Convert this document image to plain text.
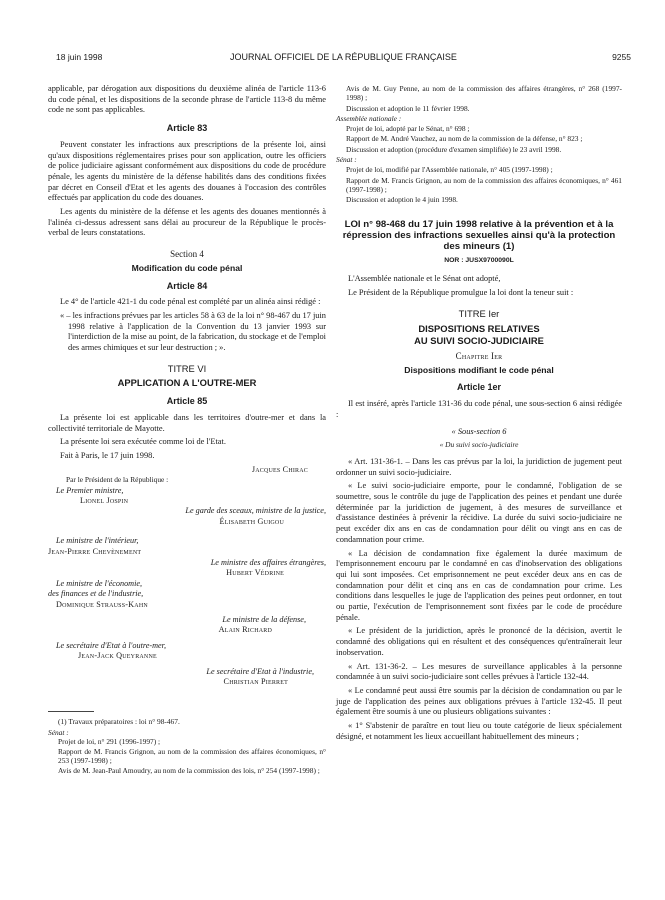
18 juin 1998	JOURNAL OFFICIEL DE LA RÉPUBLIQUE FRANÇAISE	9255

applicable, par dérogation aux dispositions du deuxième alinéa de l'article 113-6 du code pénal, et les dispositions de la seconde phrase de l'article 113-8 du même code ne sont pas applicables.

Article 83

Peuvent constater les infractions aux prescriptions de la présente loi, ainsi qu'aux dispositions réglementaires prises pour son application, outre les officiers de police judiciaire agissant conformément aux dispositions du code de procédure pénale, les agents du ministère de la défense habilités dans des conditions fixées par décret en Conseil d'Etat et les agents des douanes à l'occasion des contrôles effectués par application du code des douanes.

Les agents du ministère de la défense et les agents des douanes mentionnés à l'alinéa ci-dessus adressent sans délai au procureur de la République le procès-verbal de leurs constatations.

Section 4
Modification du code pénal
Article 84

Le 4° de l'article 421-1 du code pénal est complété par un alinéa ainsi rédigé :

« – les infractions prévues par les articles 58 à 63 de la loi n° 98-467 du 17 juin 1998 relative à l'application de la Convention du 13 janvier 1993 sur l'interdiction de la mise au point, de la fabrication, du stockage et de l'emploi des armes chimiques et sur leur destruction ; ».

TITRE VI
APPLICATION A L'OUTRE-MER
Article 85

La présente loi est applicable dans les territoires d'outre-mer et dans la collectivité territoriale de Mayotte.

La présente loi sera exécutée comme loi de l'Etat.

Fait à Paris, le 17 juin 1998.

Jacques Chirac

Par le Président de la République :

Le Premier ministre,

Lionel Jospin

Le garde des sceaux, ministre de la justice,

Élisabeth Guigou

Le ministre de l'intérieur,

Jean-Pierre Chevènement

Le ministre des affaires étrangères,

Hubert Védrine

Le ministre de l'économie,

des finances et de l'industrie,

Dominique Strauss-Kahn

Le ministre de la défense,

Alain Richard

Le secrétaire d'Etat à l'outre-mer,

Jean-Jack Queyranne

Le secrétaire d'Etat à l'industrie,

Christian Pierret

(1) Travaux préparatoires : loi n° 98-467.

Sénat :

Projet de loi, n° 291 (1996-1997) ;

Rapport de M. Francis Grignon, au nom de la commission des affaires économiques, n° 253 (1997-1998) ;

Avis de M. Jean-Paul Amoudry, au nom de la commission des lois, n° 254 (1997-1998) ;

Avis de M. Guy Penne, au nom de la commission des affaires étrangères, n° 268 (1997-1998) ;

Discussion et adoption le 11 février 1998.

Assemblée nationale :

Projet de loi, adopté par le Sénat, n° 698 ;

Rapport de M. André Vauchez, au nom de la commission de la défense, n° 823 ;

Discussion et adoption (procédure d'examen simplifiée) le 23 avril 1998.

Sénat :

Projet de loi, modifié par l'Assemblée nationale, n° 405 (1997-1998) ;

Rapport de M. Francis Grignon, au nom de la commission des affaires économiques, n° 461 (1997-1998) ;

Discussion et adoption le 4 juin 1998.

LOI n° 98-468 du 17 juin 1998 relative à la prévention et à la répression des infractions sexuelles ainsi qu'à la protection des mineurs (1)
NOR : JUSX9700090L

L'Assemblée nationale et le Sénat ont adopté,

Le Président de la République promulgue la loi dont la teneur suit :

TITRE Ier
DISPOSITIONS RELATIVES
AU SUIVI SOCIO-JUDICIAIRE
Chapitre Ier
Dispositions modifiant le code pénal
Article 1er

Il est inséré, après l'article 131-36 du code pénal, une sous-section 6 ainsi rédigée :

« Sous-section 6
« Du suivi socio-judiciaire

« Art. 131-36-1. – Dans les cas prévus par la loi, la juridiction de jugement peut ordonner un suivi socio-judiciaire.

« Le suivi socio-judiciaire emporte, pour le condamné, l'obligation de se soumettre, sous le contrôle du juge de l'application des peines et pendant une durée déterminée par la juridiction de jugement, à des mesures de surveillance et d'assistance destinées à prévenir la récidive. La durée du suivi socio-judiciaire ne peut excéder dix ans en cas de condamnation pour délit ou vingt ans en cas de condamnation pour crime.

« La décision de condamnation fixe également la durée maximum de l'emprisonnement encouru par le condamné en cas d'inobservation des obligations qui lui sont imposées. Cet emprisonnement ne peut excéder deux ans en cas de condamnation pour délit et cinq ans en cas de condamnation pour crime. Les conditions dans lesquelles le juge de l'application des peines peut ordonner, en tout ou partie, l'exécution de l'emprisonnement sont fixées par le code de procédure pénale.

« Le président de la juridiction, après le prononcé de la décision, avertit le condamné des obligations qui en résultent et des conséquences qu'entraînerait leur inobservation.

« Art. 131-36-2. – Les mesures de surveillance applicables à la personne condamnée à un suivi socio-judiciaire sont celles prévues à l'article 132-44.

« Le condamné peut aussi être soumis par la décision de condamnation ou par le juge de l'application des peines aux obligations prévues à l'article 132-45. Il peut également être soumis à une ou plusieurs obligations suivantes :

« 1° S'abstenir de paraître en tout lieu ou toute catégorie de lieux spécialement désigné, et notamment les lieux accueillant habituellement des mineurs ;
